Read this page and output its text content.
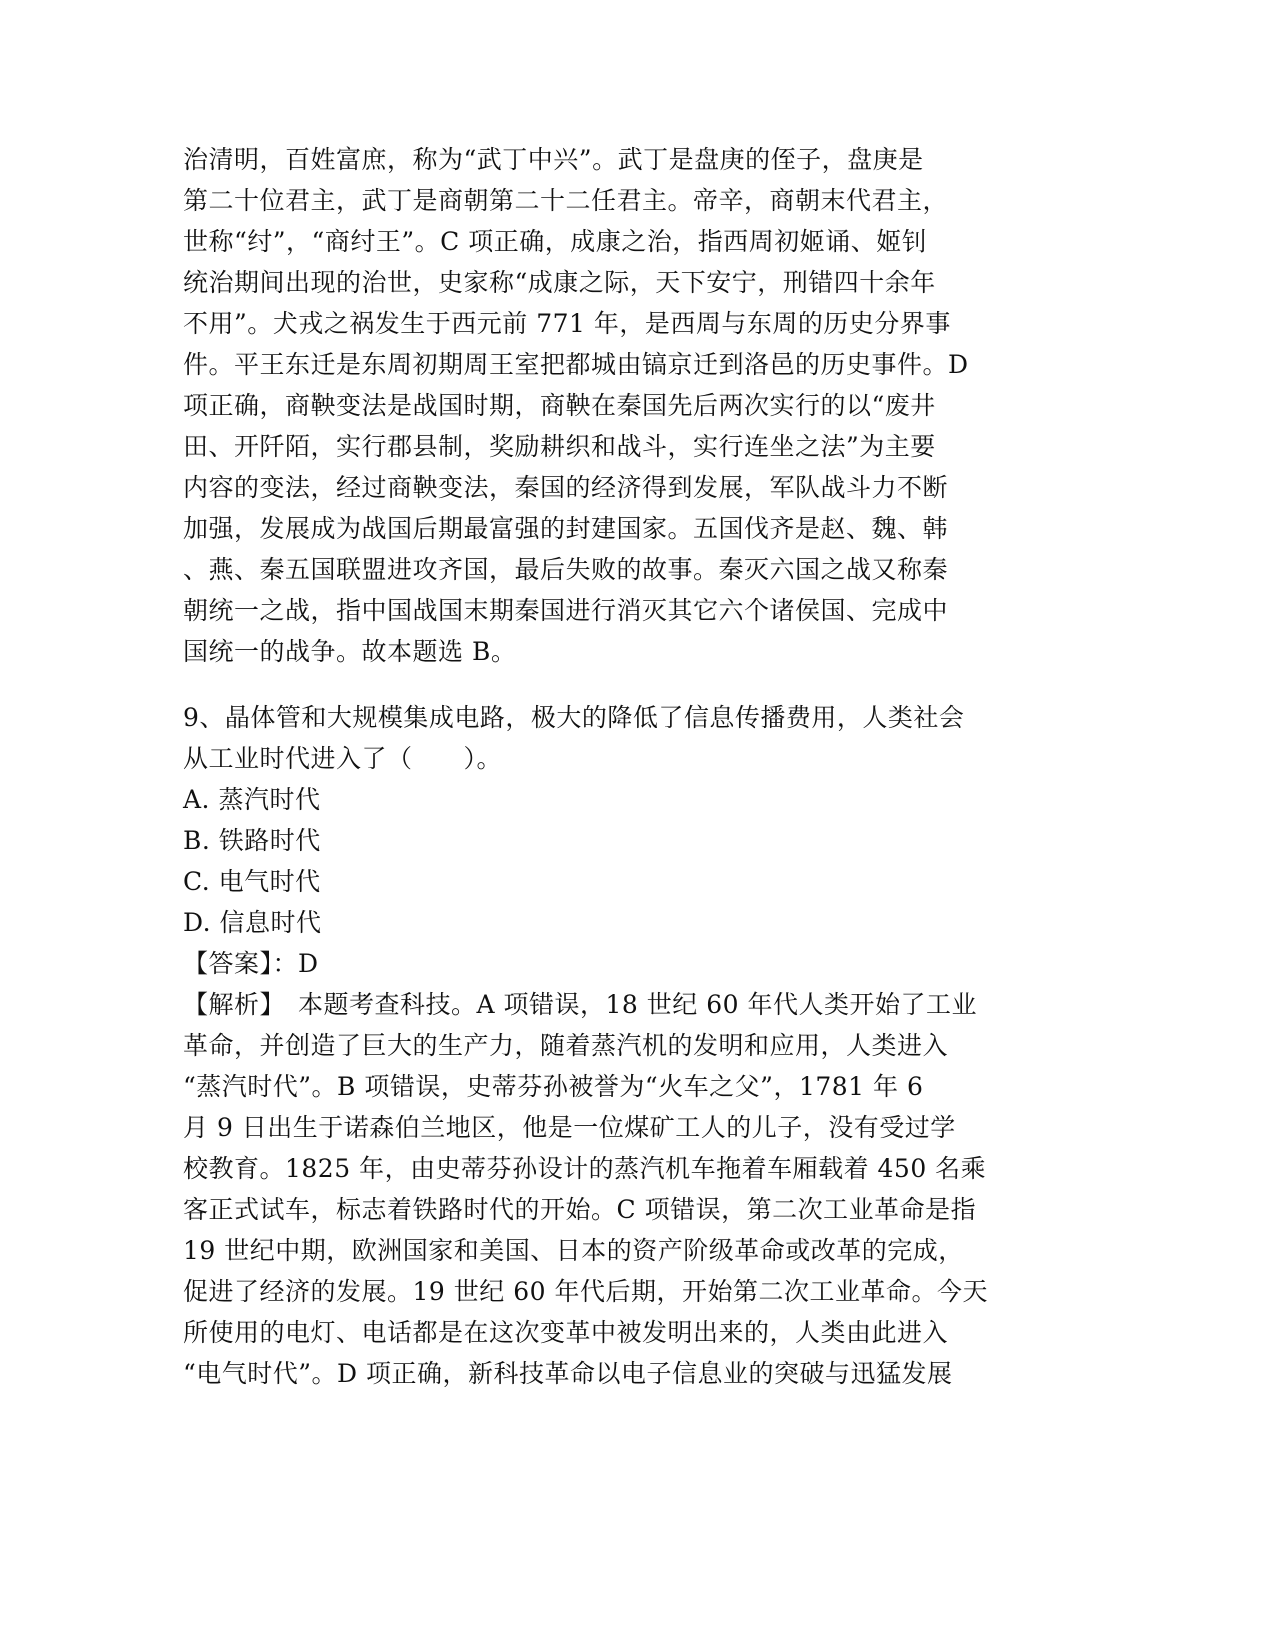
治清明，百姓富庶，称为“武丁中兴”。武丁是盘庚的侄子，盘庚是
第二十位君主，武丁是商朝第二十二任君主。帝辛，商朝末代君主，
世称“纣”，“商纣王”。C 项正确，成康之治，指西周初姬诵、姬钊
统治期间出现的治世，史家称“成康之际，天下安宁，刑错四十余年
不用”。犬戎之祸发生于西元前 771 年，是西周与东周的历史分界事
件。平王东迁是东周初期周王室把都城由镐京迁到洛邑的历史事件。D
项正确，商鞅变法是战国时期，商鞅在秦国先后两次实行的以“废井
田、开阡陌，实行郡县制，奖励耕织和战斗，实行连坐之法”为主要
内容的变法，经过商鞅变法，秦国的经济得到发展，军队战斗力不断
加强，发展成为战国后期最富强的封建国家。五国伐齐是赵、魏、韩
、燕、秦五国联盟进攻齐国，最后失败的故事。秦灭六国之战又称秦
朝统一之战，指中国战国末期秦国进行消灭其它六个诸侯国、完成中
国统一的战争。故本题选 B。
9、晶体管和大规模集成电路，极大的降低了信息传播费用，人类社会
从工业时代进入了（　　）。
A. 蒸汽时代
B. 铁路时代
C. 电气时代
D. 信息时代
【答案】：D
【解析】　本题考查科技。A 项错误，18 世纪 60 年代人类开始了工业
革命，并创造了巨大的生产力，随着蒸汽机的发明和应用，人类进入
“蒸汽时代”。B 项错误，史蒂芬孙被誉为“火车之父”，1781 年 6
月 9 日出生于诺森伯兰地区，他是一位煤矿工人的儿子，没有受过学
校教育。1825 年，由史蒂芬孙设计的蒸汽机车拖着车厢载着 450 名乘
客正式试车，标志着铁路时代的开始。C 项错误，第二次工业革命是指
19 世纪中期，欧洲国家和美国、日本的资产阶级革命或改革的完成，
促进了经济的发展。19 世纪 60 年代后期，开始第二次工业革命。今天
所使用的电灯、电话都是在这次变革中被发明出来的，人类由此进入
“电气时代”。D 项正确，新科技革命以电子信息业的突破与迅猛发展
